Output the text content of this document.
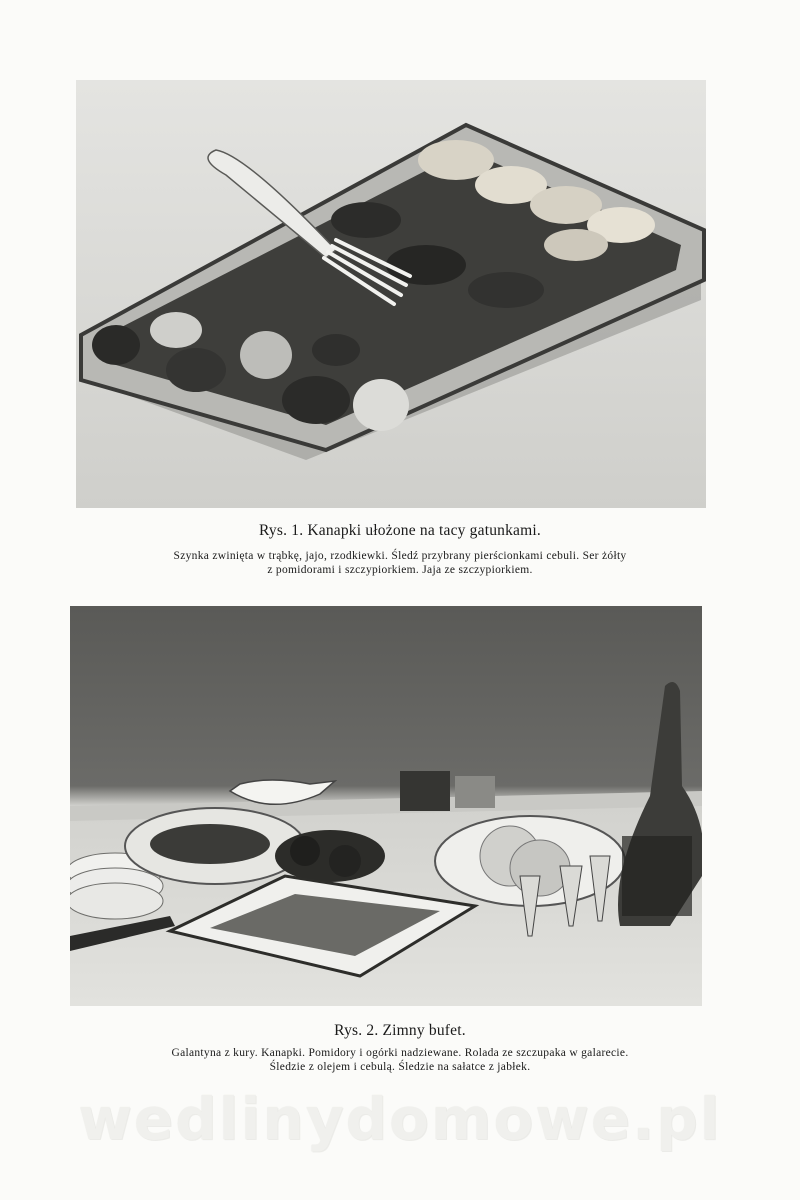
Rys. 1. Kanapki ułożone na tacy gatunkami.
Szynka zwinięta w trąbkę, jajo, rzodkiewki. Śledź przybrany pierścionkami cebuli. Ser żółty
z pomidorami i szczypiorkiem. Jaja ze szczypiorkiem.
Rys. 2. Zimny bufet.
Galantyna z kury. Kanapki. Pomidory i ogórki nadziewane. Rolada ze szczupaka w galarecie.
Śledzie z olejem i cebulą. Śledzie na sałatce z jabłek.
wedlinydomowe.pl
